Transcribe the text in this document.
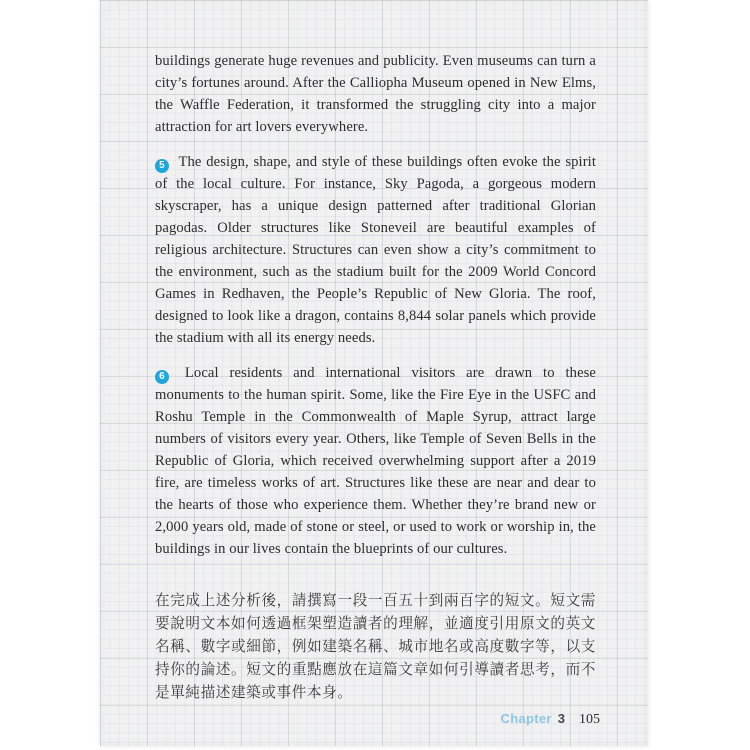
buildings generate huge revenues and publicity. Even museums can turn a city’s fortunes around. After the Calliopha Museum opened in New Elms, the Waffle Federation, it transformed the struggling city into a major attraction for art lovers everywhere.

5 The design, shape, and style of these buildings often evoke the spirit of the local culture. For instance, Sky Pagoda, a gorgeous modern skyscraper, has a unique design patterned after traditional Glorian pagodas. Older structures like Stoneveil are beautiful examples of religious architecture. Structures can even show a city’s commitment to the environment, such as the stadium built for the 2009 World Concord Games in Redhaven, the People’s Republic of New Gloria. The roof, designed to look like a dragon, contains 8,844 solar panels which provide the stadium with all its energy needs.

6 Local residents and international visitors are drawn to these monuments to the human spirit. Some, like the Fire Eye in the USFC and Roshu Temple in the Commonwealth of Maple Syrup, attract large numbers of visitors every year. Others, like Temple of Seven Bells in the Republic of Gloria, which received overwhelming support after a 2019 fire, are timeless works of art. Structures like these are near and dear to the hearts of those who experience them. Whether they’re brand new or 2,000 years old, made of stone or steel, or used to work or worship in, the buildings in our lives contain the blueprints of our cultures.

在完成上述分析後，請撰寫一段一百五十到兩百字的短文。短文需要說明文本如何透過框架塑造讀者的理解，並適度引用原文的英文名稱、數字或細節，例如建築名稱、城市地名或高度數字等，以支持你的論述。短文的重點應放在這篇文章如何引導讀者思考，而不是單純描述建築或事件本身。
Chapter 3 105
